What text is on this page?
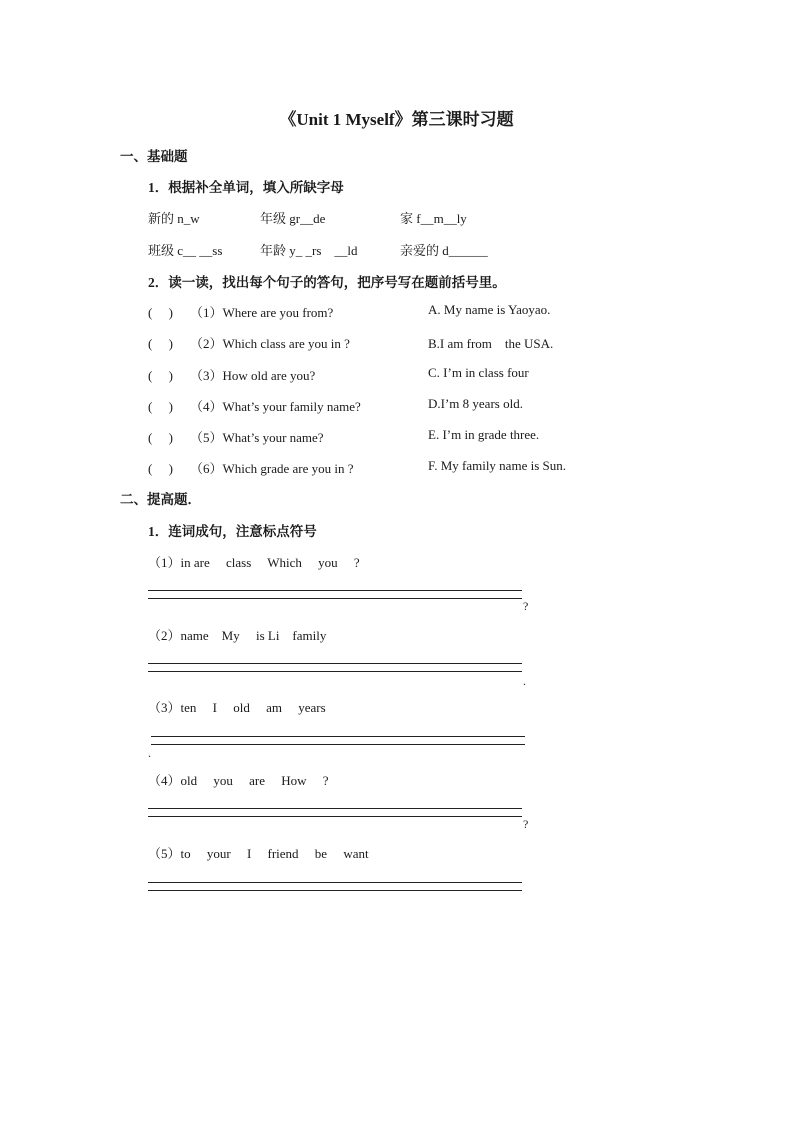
《Unit 1 Myself》第三课时习题
一、基础题
1．根据补全单词，填入所缺字母
新的 n_w	年级 gr__de	家 f__m__ly
班级 c__ __ss	年龄 y_ _rs　__ld	亲爱的 d______
2．读一读，找出每个句子的答句，把序号写在题前括号里。
(　 ) （1）Where are you from?	A. My name is Yaoyao.
(　 ) （2）Which class are you in ?	B.I am from　the USA.
(　 ) （3）How old are you?	C. I’m in class four
(　 ) （4）What’s your family name?	D.I’m 8 years old.
(　 ) （5）What’s your name?	E. I’m in grade three.
(　 ) （6）Which grade are you in ?	F. My family name is Sun.
二、提高题．
1．连词成句，注意标点符号
（1）in are　 class　 Which　 you　 ?
?
（2）name　My　 is Li　family
.
（3）ten　 I　 old　 am　 years
.
（4）old　 you　 are　 How　 ?
?
（5）to　 your　 I　 friend　 be　 want
